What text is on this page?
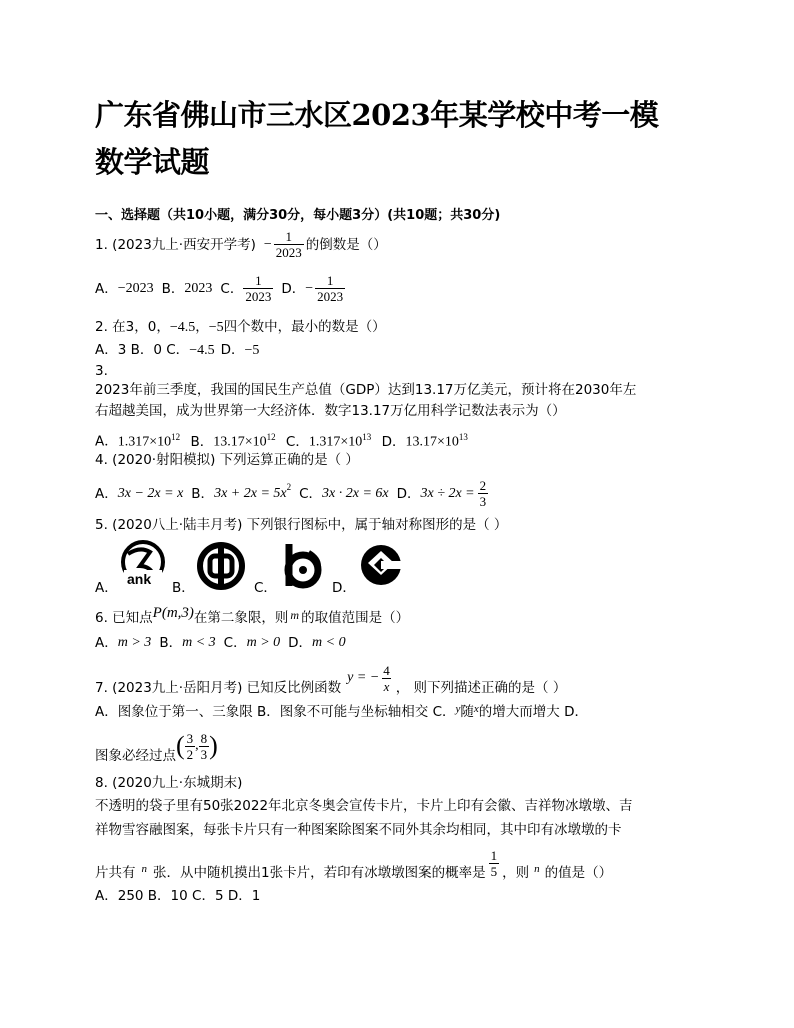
广东省佛山市三水区2023年某学校中考一模
数学试题
一、选择题（共10小题，满分30分，每小题3分）(共10题；共30分)
1. (2023九上·西安开学考) − $\frac{1}{2023}$ 的倒数是（）
A． −2023 B． 2023 C． $\frac{1}{2023}$ D． − $\frac{1}{2023}$
2. 在3，0，−4.5，−5四个数中，最小的数是（）
A．3 B．0 C．−4.5 D．−5
3.
2023年前三季度，我国的国民生产总值（GDP）达到13.17万亿美元，预计将在2030年左
右超越美国，成为世界第一大经济体．数字13.17万亿用科学记数法表示为（）
A．$1.317\times 10^{12}$ B．$13.17\times 10^{12}$ C．$1.317\times 10^{13}$ D．$13.17\times 10^{13}$
4. (2020·射阳模拟) 下列运算正确的是（ ）
A． 3x − 2x = x B． $3x + 2x = 5x^2$ C． 3x · 2x = 6x D． $3x \div 2x = \frac{2}{3}$
5. (2020八上·陆丰月考) 下列银行图标中，属于轴对称图形的是（ ）
A．	B．	C．	D．
ank
6. 已知点 P(m,3) 在第二象限，则 m 的取值范围是（）
A． m > 3 B． m < 3 C． m > 0 D． m < 0
7. (2023九上·岳阳月考) 已知反比例函数
y = − $\frac{4}{x}$ ， 则下列描述正确的是（ ）
A．图象位于第一、三象限 B．图象不可能与坐标轴相交 C．$^y$随$^x$的增大而增大 D．
图象必经过点 ( $\frac{3}{2}$ , $\frac{8}{3}$ )
8. (2020九上·东城期末)
不透明的袋子里有50张2022年北京冬奥会宣传卡片，卡片上印有会徽、吉祥物冰墩墩、吉
祥物雪容融图案，每张卡片只有一种图案除图案不同外其余均相同，其中印有冰墩墩的卡
片共有 n 张．从中随机摸出1张卡片，若印有冰墩墩图案的概率是 $\frac{1}{5}$ ，则 n 的值是（）
A．250 B．10 C．5 D．1
